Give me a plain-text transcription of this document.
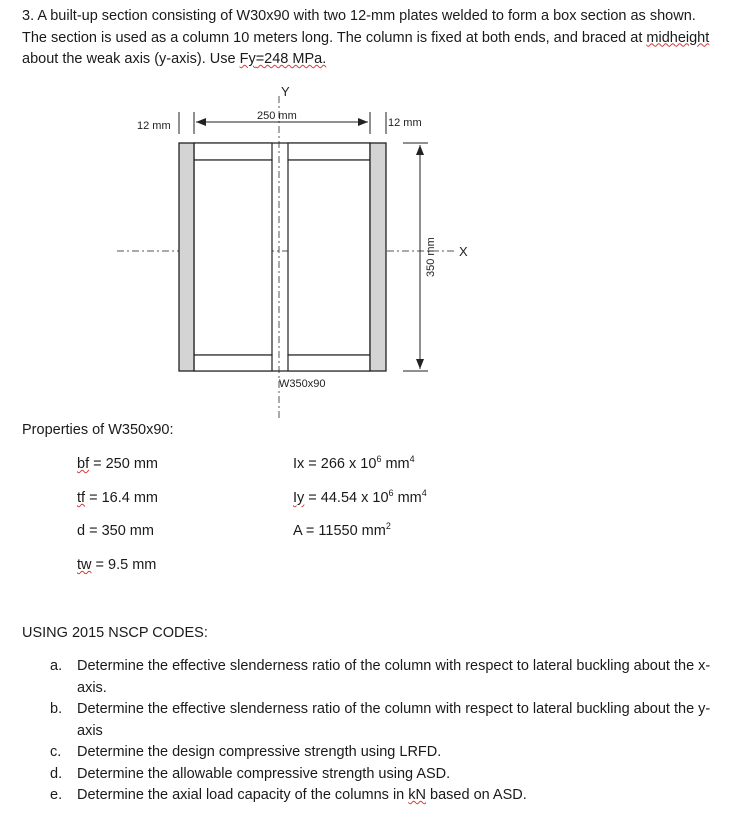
3. A built-up section consisting of W30x90 with two 12-mm plates welded to form a box section as shown. The section is used as a column 10 meters long. The column is fixed at both ends, and braced at midheight about the weak axis (y-axis). Use Fy=248 MPa.
Y
X
12 mm
250 mm
12 mm
350 mm
W350x90
Properties of W350x90:
bf = 250 mm
tf = 16.4 mm
d = 350 mm
tw = 9.5 mm
Ix = 266 x $10^6$ $mm^4$
Iy = 44.54 x $10^6$ $mm^4$
A = 11550 $mm^2$
USING 2015 NSCP CODES:
a. Determine the effective slenderness ratio of the column with respect to lateral buckling about the x-axis.
b. Determine the effective slenderness ratio of the column with respect to lateral buckling about the y-axis
c. Determine the design compressive strength using LRFD.
d. Determine the allowable compressive strength using ASD.
e. Determine the axial load capacity of the columns in kN based on ASD.
